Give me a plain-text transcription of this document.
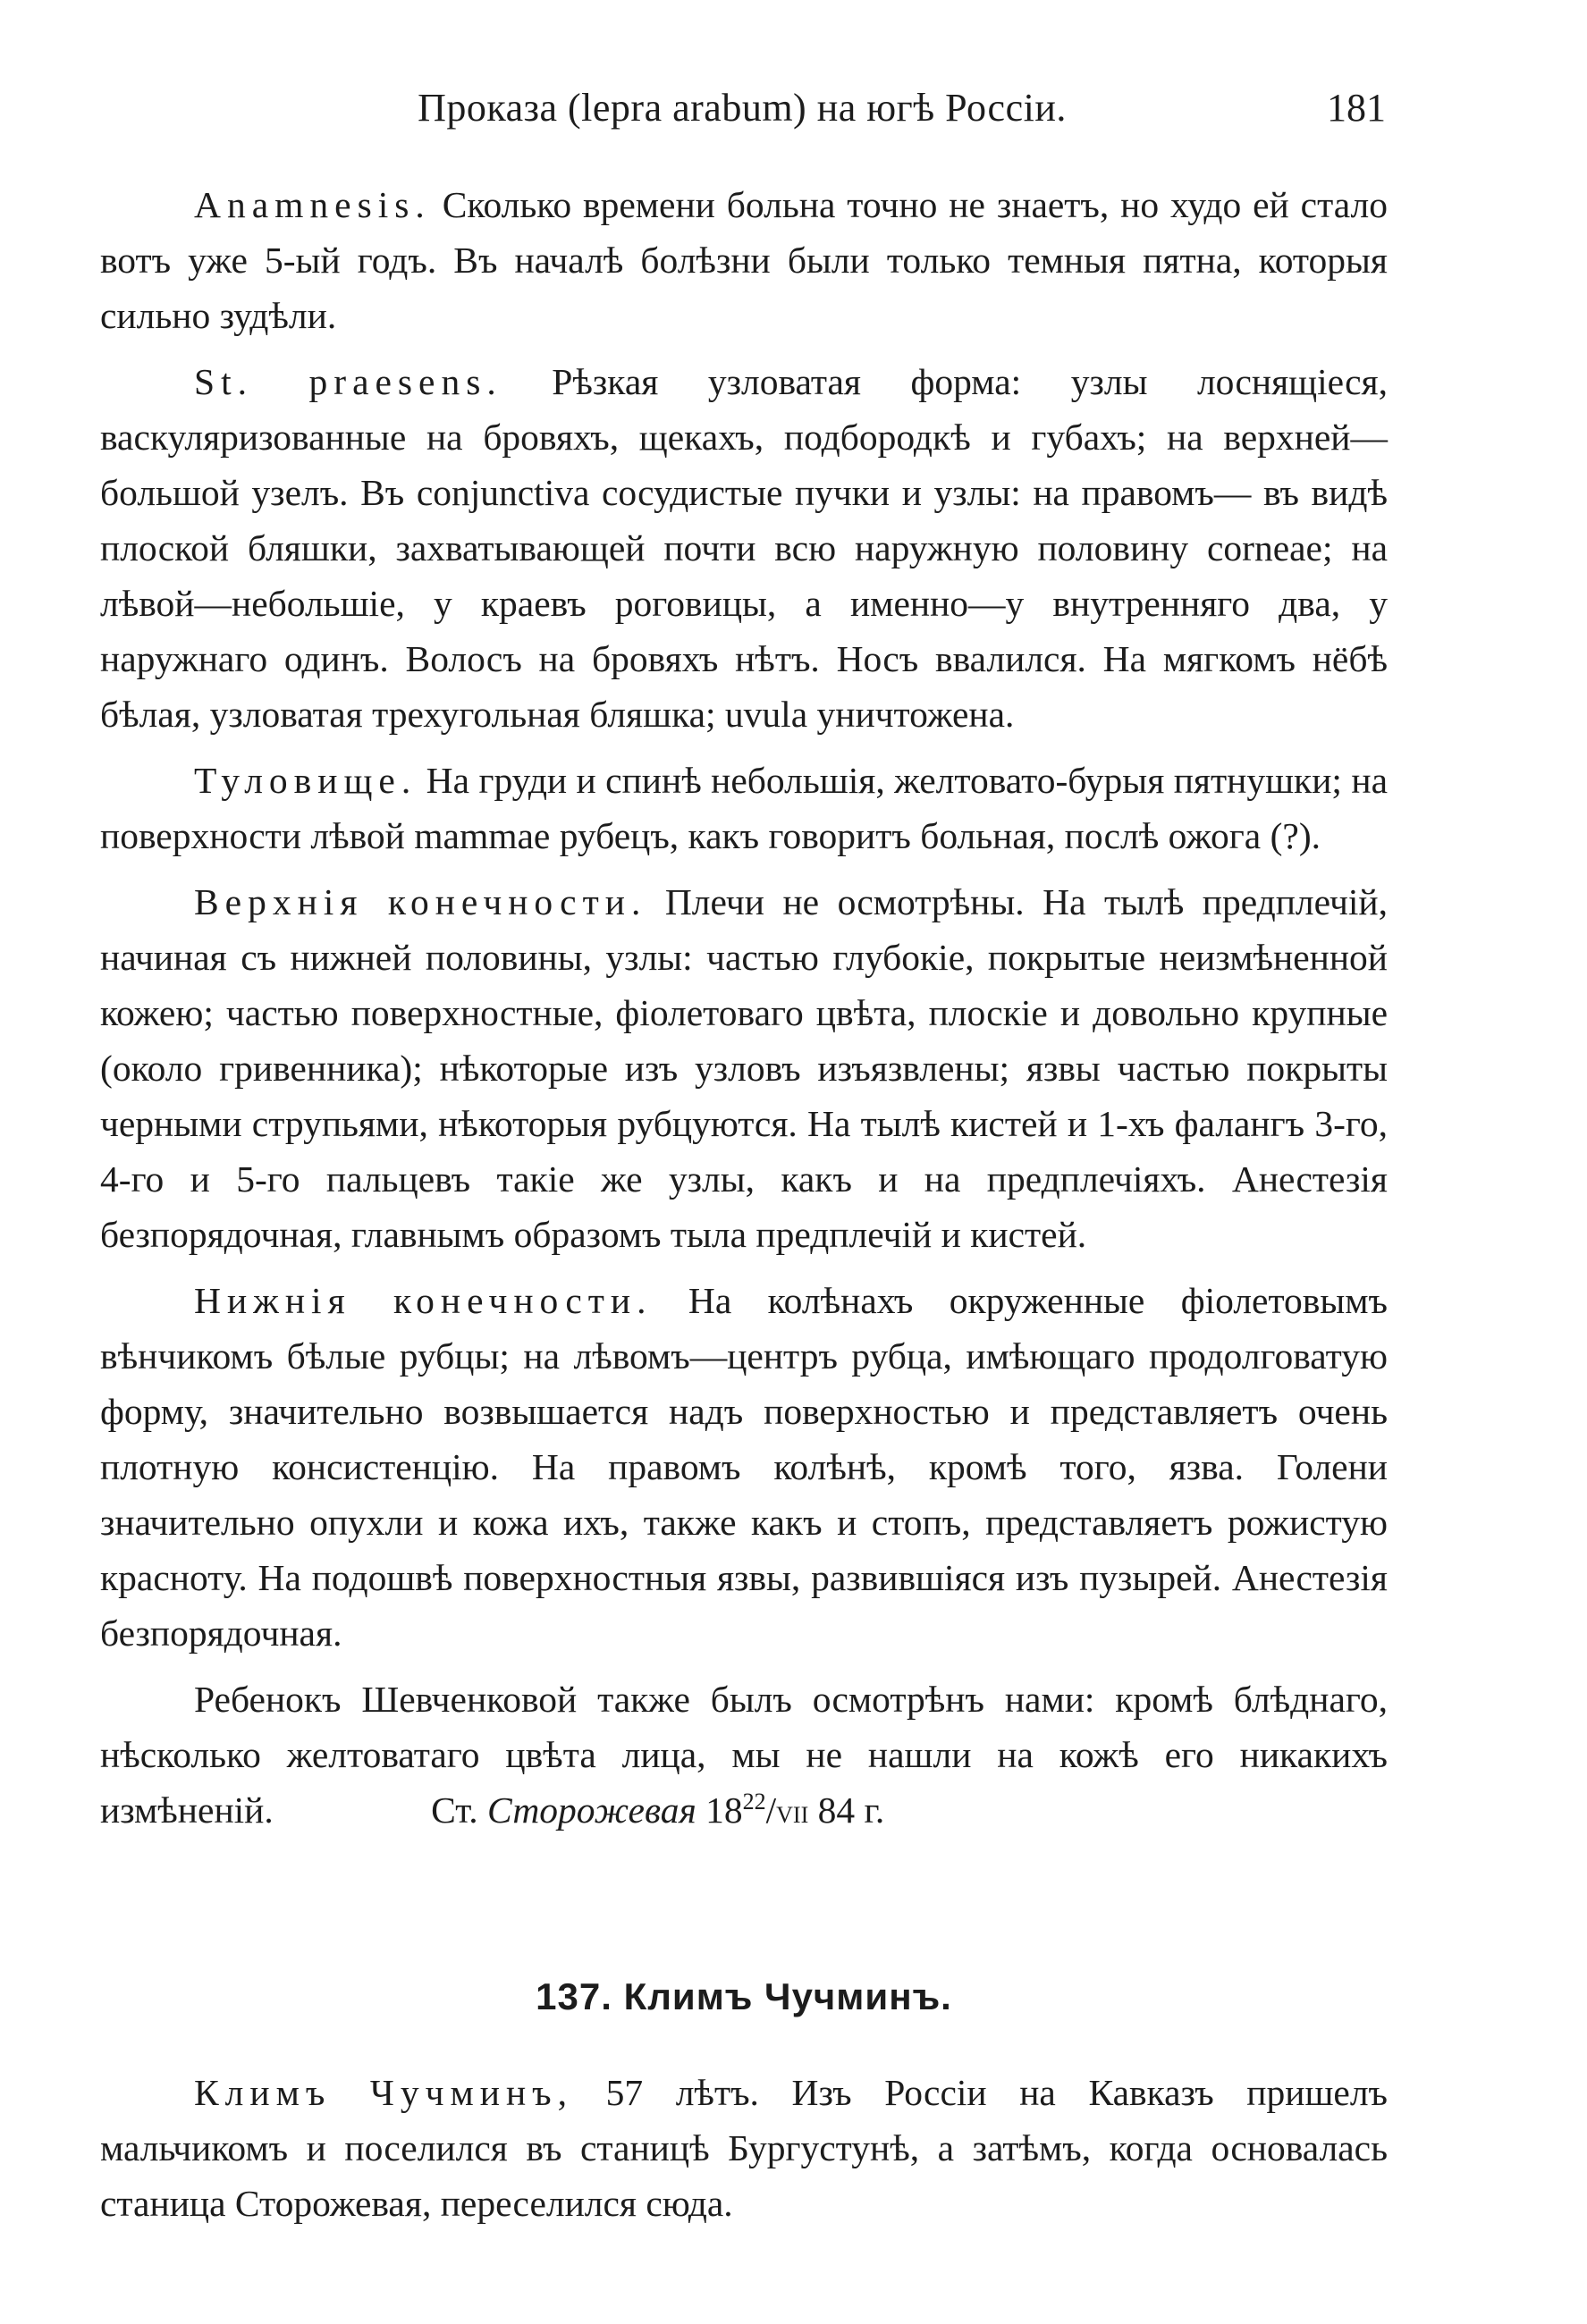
Проказа (lepra arabum) на югѣ Россіи.	181

Anamnesis. Сколько времени больна точно не знаетъ, но худо ей стало вотъ уже 5-ый годъ. Въ началѣ болѣзни были только темныя пятна, которыя сильно зудѣли.

St. praesens. Рѣзкая узловатая форма: узлы лоснящіеся, васкуляризованные на бровяхъ, щекахъ, подбородкѣ и губахъ; на верхней— большой узелъ. Въ conjunctiva сосудистые пучки и узлы: на правомъ— въ видѣ плоской бляшки, захватывающей почти всю наружную половину corneae; на лѣвой—небольшіе, у краевъ роговицы, а именно—у внутренняго два, у наружнаго одинъ. Волосъ на бровяхъ нѣтъ. Носъ ввалился. На мягкомъ нёбѣ бѣлая, узловатая трехугольная бляшка; uvula уничтожена.

Туловище. На груди и спинѣ небольшія, желтовато-бурыя пятнушки; на поверхности лѣвой mammae рубецъ, какъ говоритъ больная, послѣ ожога (?).

Верхнія конечности. Плечи не осмотрѣны. На тылѣ предплечій, начиная съ нижней половины, узлы: частью глубокіе, покрытые неизмѣненной кожею; частью поверхностные, фіолетоваго цвѣта, плоскіе и довольно крупные (около гривенника); нѣкоторые изъ узловъ изъязвлены; язвы частью покрыты черными струпьями, нѣкоторыя рубцуются. На тылѣ кистей и 1-хъ фалангъ 3-го, 4-го и 5-го пальцевъ такіе же узлы, какъ и на предплечіяхъ. Анестезія безпорядочная, главнымъ образомъ тыла предплечій и кистей.

Нижнія конечности. На колѣнахъ окруженные фіолетовымъ вѣнчикомъ бѣлые рубцы; на лѣвомъ—центръ рубца, имѣющаго продолговатую форму, значительно возвышается надъ поверхностью и представляетъ очень плотную консистенцію. На правомъ колѣнѣ, кромѣ того, язва. Голени значительно опухли и кожа ихъ, также какъ и стопъ, представляетъ рожистую красноту. На подошвѣ поверхностныя язвы, развившіяся изъ пузырей. Анестезія безпорядочная.

Ребенокъ Шевченковой также былъ осмотрѣнъ нами: кромѣ блѣднаго, нѣсколько желтоватаго цвѣта лица, мы не нашли на кожѣ его никакихъ измѣненій.	Ст. Сторожевая $18^{22}$/VII 84 г.

137. Климъ Чучминъ.

Климъ Чучминъ, 57 лѣтъ. Изъ Россіи на Кавказъ пришелъ мальчикомъ и поселился въ станицѣ Бургустунѣ, а затѣмъ, когда основалась станица Сторожевая, переселился сюда.
